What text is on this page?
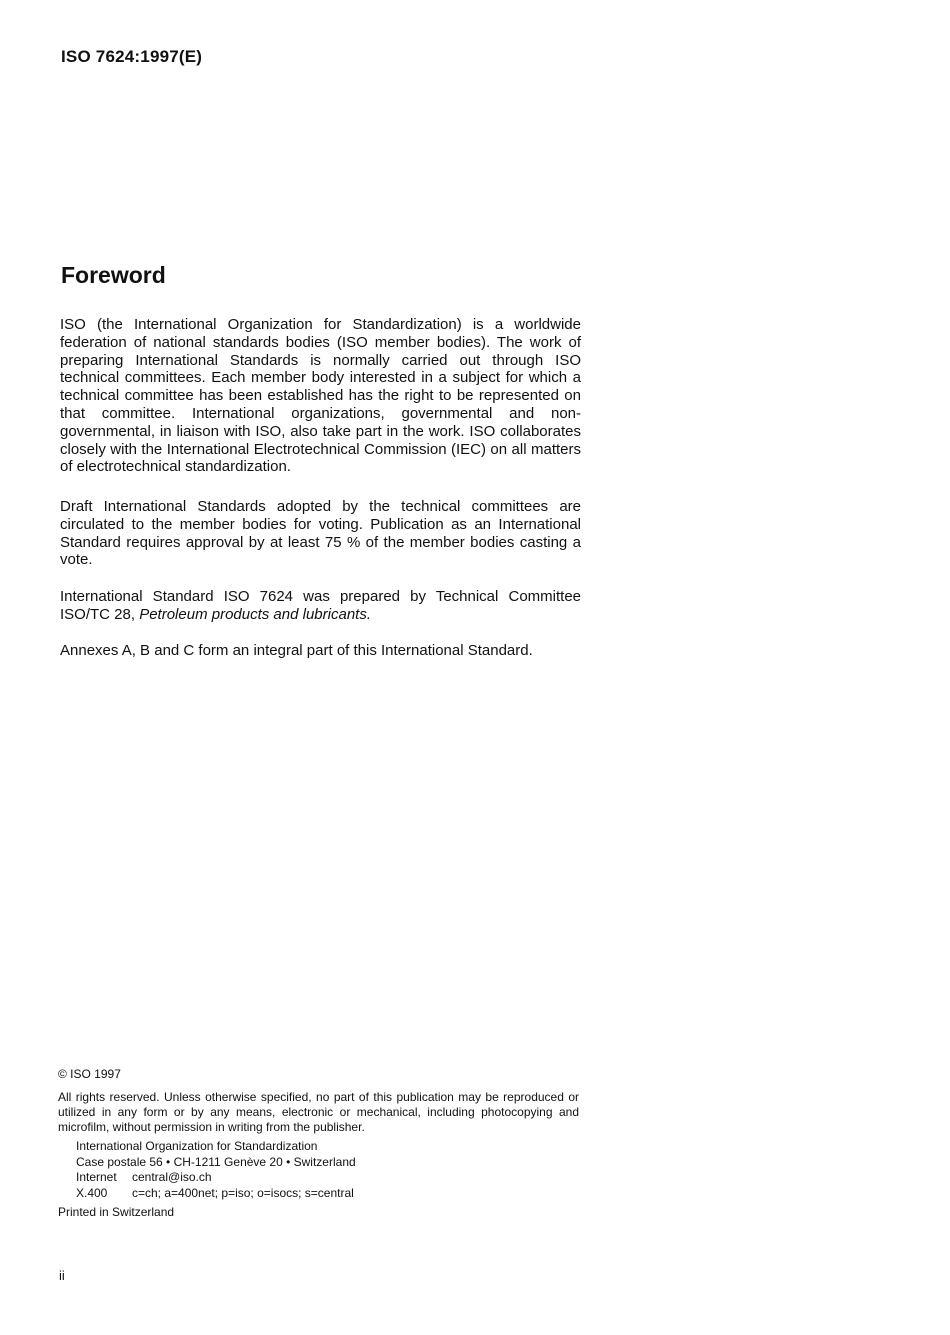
ISO 7624:1997(E)
Foreword

ISO (the International Organization for Standardization) is a worldwide federation of national standards bodies (ISO member bodies). The work of preparing International Standards is normally carried out through ISO technical committees. Each member body interested in a subject for which a technical committee has been established has the right to be represented on that committee. International organizations, governmental and non-governmental, in liaison with ISO, also take part in the work. ISO collaborates closely with the International Electrotechnical Commission (IEC) on all matters of electrotechnical standardization.

Draft International Standards adopted by the technical committees are circulated to the member bodies for voting. Publication as an International Standard requires approval by at least 75 % of the member bodies casting a vote.

International Standard ISO 7624 was prepared by Technical Committee ISO/TC 28, Petroleum products and lubricants.

Annexes A, B and C form an integral part of this International Standard.

© ISO 1997

All rights reserved. Unless otherwise specified, no part of this publication may be reproduced or utilized in any form or by any means, electronic or mechanical, including photocopying and microfilm, without permission in writing from the publisher.

International Organization for Standardization
Case postale 56 • CH-1211 Genève 20 • Switzerland
Internet central@iso.ch
X.400 c=ch; a=400net; p=iso; o=isocs; s=central

Printed in Switzerland

ii
